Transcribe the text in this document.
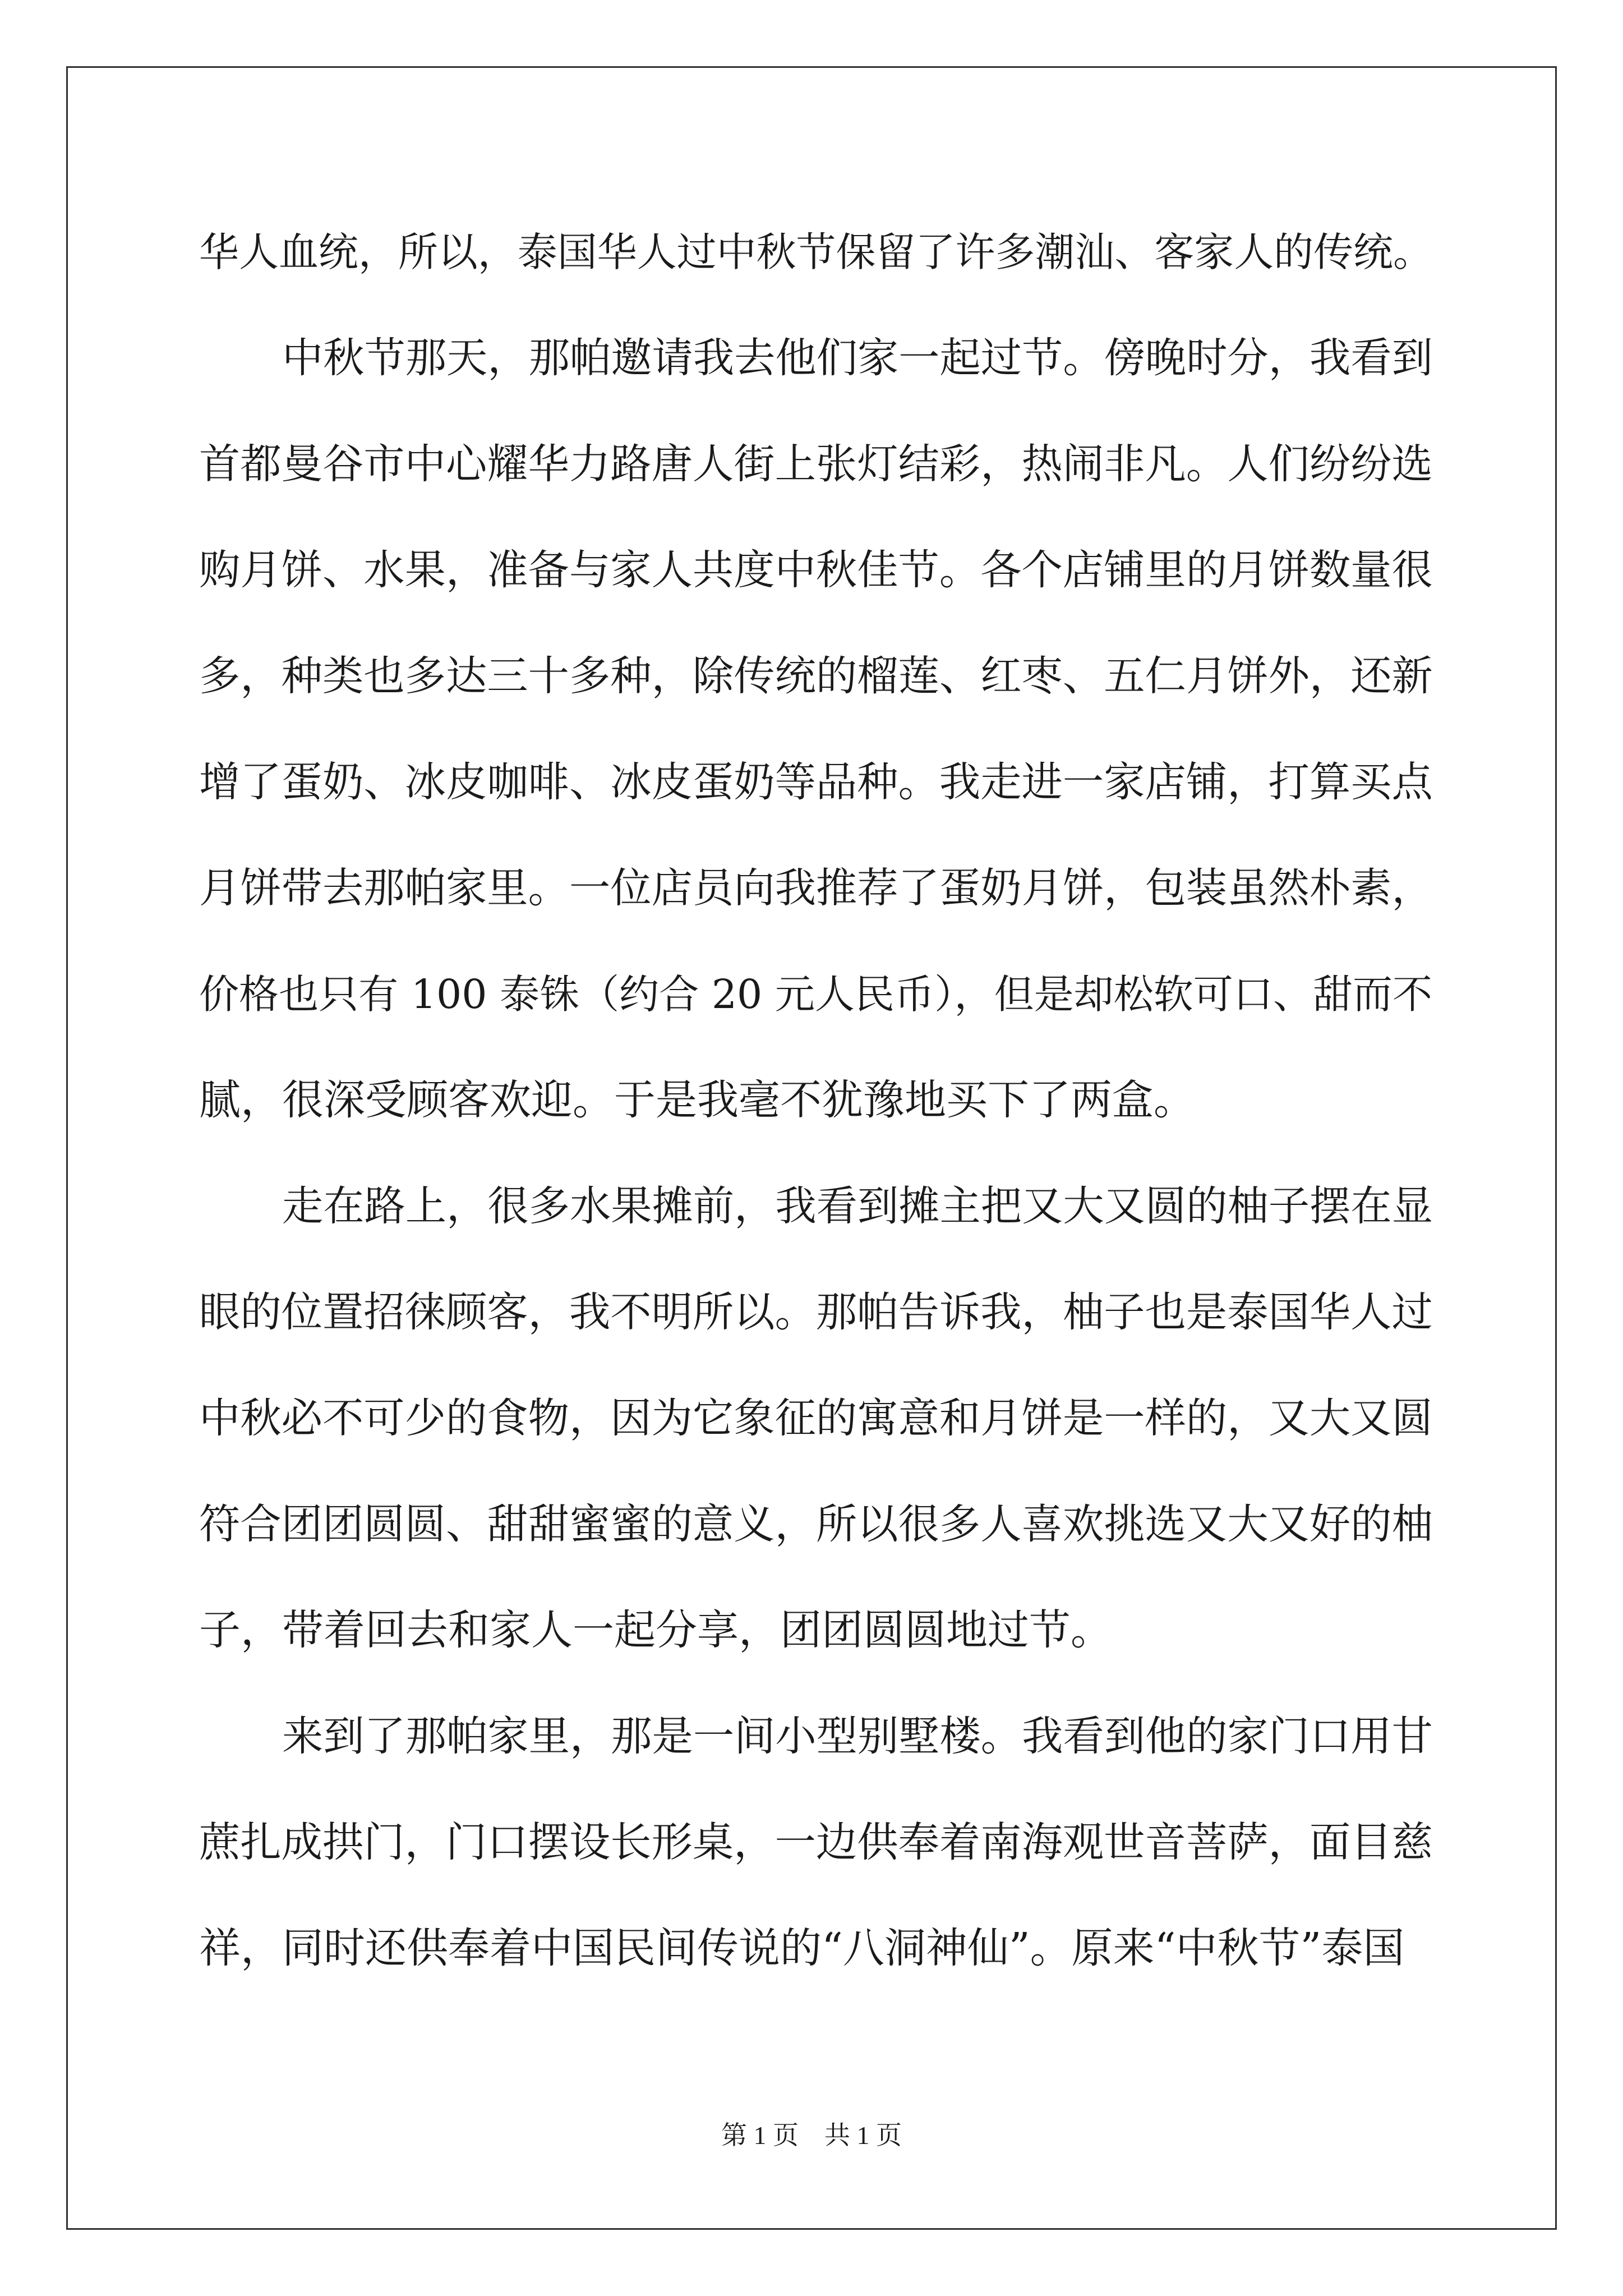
华人血统，所以，泰国华人过中秋节保留了许多潮汕、客家人的传统。
中秋节那天，那帕邀请我去他们家一起过节。傍晚时分，我看到
首都曼谷市中心耀华力路唐人街上张灯结彩，热闹非凡。人们纷纷选
购月饼、水果，准备与家人共度中秋佳节。各个店铺里的月饼数量很
多，种类也多达三十多种，除传统的榴莲、红枣、五仁月饼外，还新
增了蛋奶、冰皮咖啡、冰皮蛋奶等品种。我走进一家店铺，打算买点
月饼带去那帕家里。一位店员向我推荐了蛋奶月饼，包装虽然朴素，
价格也只有 100 泰铢（约合 20 元人民币），但是却松软可口、甜而不
腻，很深受顾客欢迎。于是我毫不犹豫地买下了两盒。
走在路上，很多水果摊前，我看到摊主把又大又圆的柚子摆在显
眼的位置招徕顾客，我不明所以。那帕告诉我，柚子也是泰国华人过
中秋必不可少的食物，因为它象征的寓意和月饼是一样的，又大又圆
符合团团圆圆、甜甜蜜蜜的意义，所以很多人喜欢挑选又大又好的柚
子，带着回去和家人一起分享，团团圆圆地过节。
来到了那帕家里，那是一间小型别墅楼。我看到他的家门口用甘
蔗扎成拱门，门口摆设长形桌，一边供奉着南海观世音菩萨，面目慈
祥，同时还供奉着中国民间传说的“八洞神仙”。原来“中秋节”泰国
第 1 页　共 1 页
